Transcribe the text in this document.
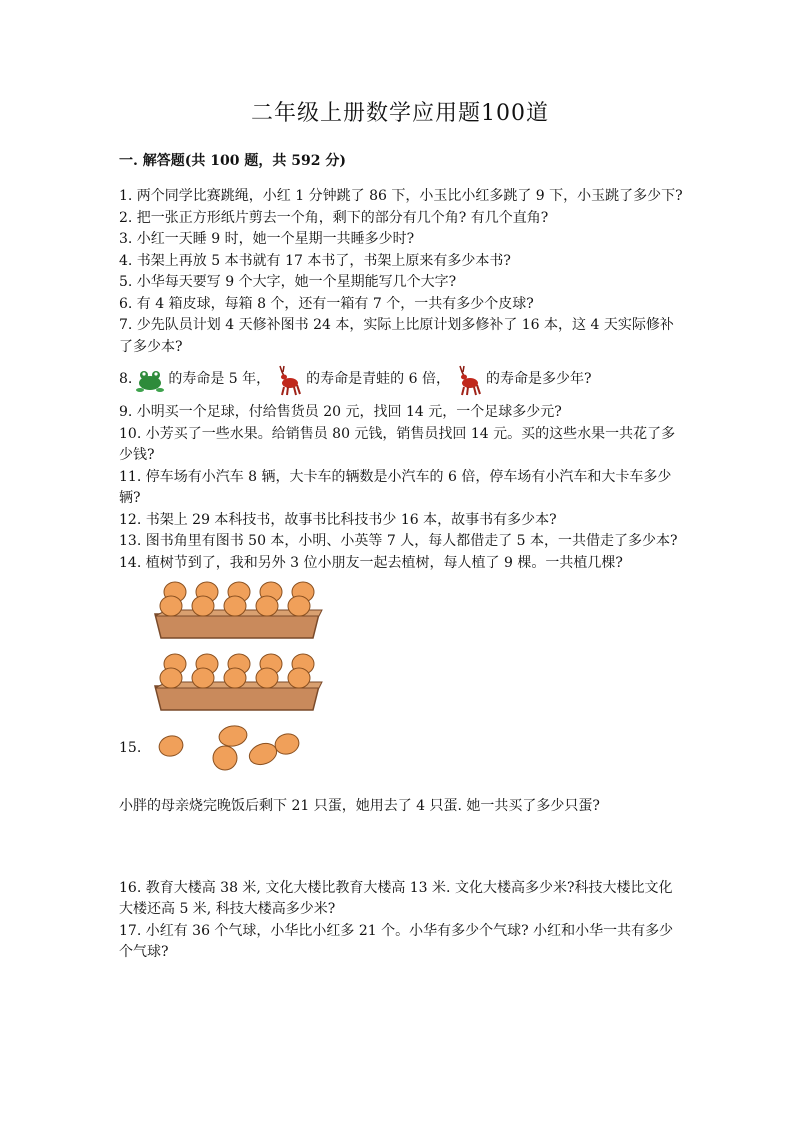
二年级上册数学应用题100道
一. 解答题(共 100 题，共 592 分)

1. 两个同学比赛跳绳，小红 1 分钟跳了 86 下，小玉比小红多跳了 9 下，小玉跳了多少下?

2. 把一张正方形纸片剪去一个角，剩下的部分有几个角? 有几个直角?

3. 小红一天睡 9 时，她一个星期一共睡多少时?

4. 书架上再放 5 本书就有 17 本书了，书架上原来有多少本书?

5. 小华每天要写 9 个大字，她一个星期能写几个大字?

6. 有 4 箱皮球，每箱 8 个，还有一箱有 7 个，一共有多少个皮球?

7. 少先队员计划 4 天修补图书 24 本，实际上比原计划多修补了 16 本，这 4 天实际修补了多少本?

8.	的寿命是 5 年，	的寿命是青蛙的 6 倍，	的寿命是多少年?

9. 小明买一个足球，付给售货员 20 元，找回 14 元，一个足球多少元?

10. 小芳买了一些水果。给销售员 80 元钱，销售员找回 14 元。买的这些水果一共花了多少钱?

11. 停车场有小汽车 8 辆，大卡车的辆数是小汽车的 6 倍，停车场有小汽车和大卡车多少辆?

12. 书架上 29 本科技书，故事书比科技书少 16 本，故事书有多少本?

13. 图书角里有图书 50 本，小明、小英等 7 人，每人都借走了 5 本，一共借走了多少本?

14. 植树节到了，我和另外 3 位小朋友一起去植树，每人植了 9 棵。一共植几棵?

15.

小胖的母亲烧完晚饭后剩下 21 只蛋，她用去了 4 只蛋. 她一共买了多少只蛋?

16. 教育大楼高 38 米, 文化大楼比教育大楼高 13 米. 文化大楼高多少米?科技大楼比文化大楼还高 5 米, 科技大楼高多少米?

17. 小红有 36 个气球，小华比小红多 21 个。小华有多少个气球? 小红和小华一共有多少个气球?
